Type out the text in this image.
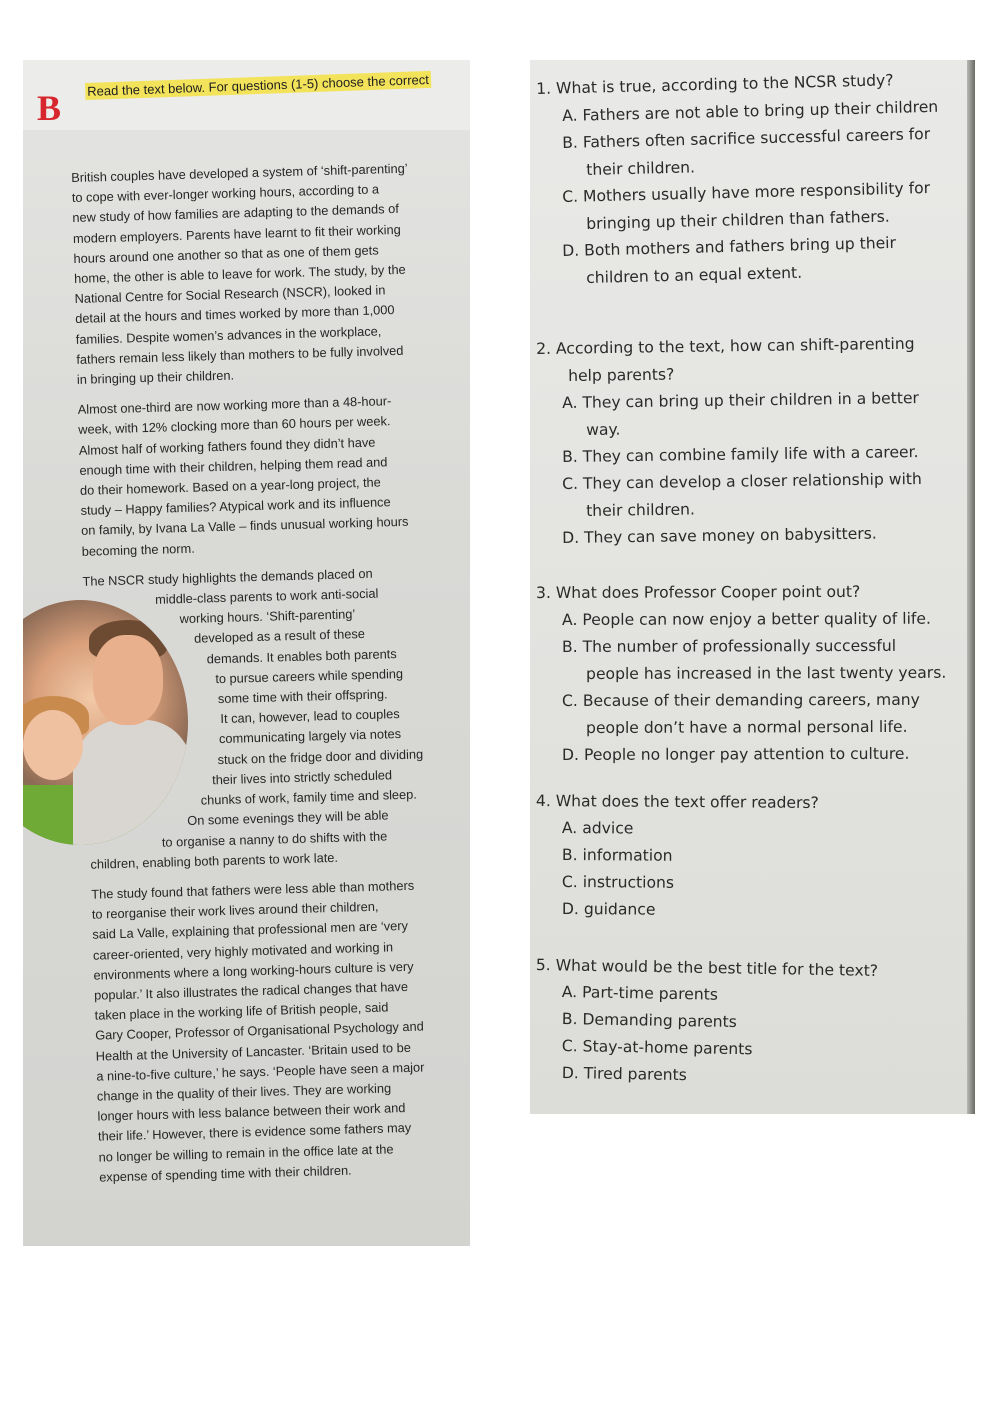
B
Read the text below. For questions (1-5) choose the correct

British couples have developed a system of ‘shift-parenting’
to cope with ever-longer working hours, according to a
new study of how families are adapting to the demands of
modern employers. Parents have learnt to fit their working
hours around one another so that as one of them gets
home, the other is able to leave for work. The study, by the
National Centre for Social Research (NSCR), looked in
detail at the hours and times worked by more than 1,000
families. Despite women’s advances in the workplace,
fathers remain less likely than mothers to be fully involved
in bringing up their children.

Almost one-third are now working more than a 48-hour-
week, with 12% clocking more than 60 hours per week.
Almost half of working fathers found they didn’t have
enough time with their children, helping them read and
do their homework. Based on a year-long project, the
study – Happy families? Atypical work and its influence
on family, by Ivana La Valle – finds unusual working hours
becoming the norm.

The NSCR study highlights the demands placed on
middle-class parents to work anti-social
working hours. ‘Shift-parenting’
developed as a result of these
demands. It enables both parents
to pursue careers while spending
some time with their offspring.
It can, however, lead to couples
communicating largely via notes
stuck on the fridge door and dividing
their lives into strictly scheduled
chunks of work, family time and sleep.
On some evenings they will be able
to organise a nanny to do shifts with the
children, enabling both parents to work late.

The study found that fathers were less able than mothers
to reorganise their work lives around their children,
said La Valle, explaining that professional men are ‘very
career-oriented, very highly motivated and working in
environments where a long working-hours culture is very
popular.’ It also illustrates the radical changes that have
taken place in the working life of British people, said
Gary Cooper, Professor of Organisational Psychology and
Health at the University of Lancaster. ‘Britain used to be
a nine-to-five culture,’ he says. ‘People have seen a major
change in the quality of their lives. They are working
longer hours with less balance between their work and
their life.’ However, there is evidence some fathers may
no longer be willing to remain in the office late at the
expense of spending time with their children.

1. What is true, according to the NCSR study?
A. Fathers are not able to bring up their children
B. Fathers often sacrifice successful careers for
their children.
C. Mothers usually have more responsibility for
bringing up their children than fathers.
D. Both mothers and fathers bring up their
children to an equal extent.
2. According to the text, how can shift-parenting
help parents?
A. They can bring up their children in a better
way.
B. They can combine family life with a career.
C. They can develop a closer relationship with
their children.
D. They can save money on babysitters.
3. What does Professor Cooper point out?
A. People can now enjoy a better quality of life.
B. The number of professionally successful
people has increased in the last twenty years.
C. Because of their demanding careers, many
people don’t have a normal personal life.
D. People no longer pay attention to culture.
4. What does the text offer readers?
A. advice
B. information
C. instructions
D. guidance
5. What would be the best title for the text?
A. Part-time parents
B. Demanding parents
C. Stay-at-home parents
D. Tired parents
